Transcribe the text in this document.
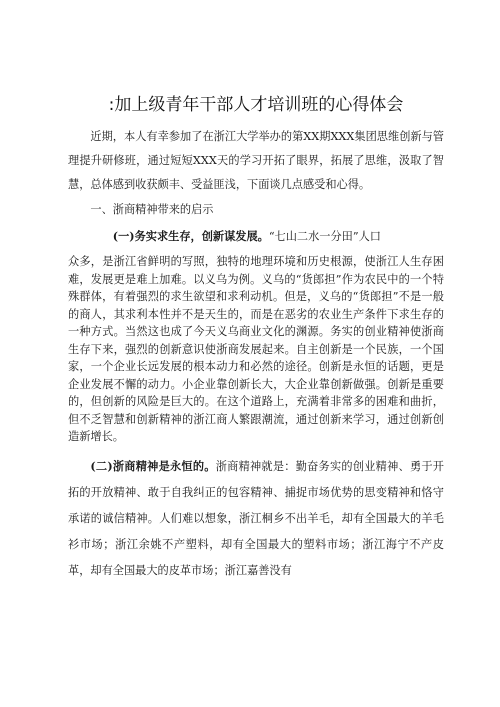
:加上级青年干部人才培训班的心得体会

近期，本人有幸参加了在浙江大学举办的第XX期XXX集团思维创新与管理提升研修班，通过短短XXX天的学习开拓了眼界，拓展了思维，汲取了智慧，总体感到收获颇丰、受益匪浅，下面谈几点感受和心得。

一、浙商精神带来的启示
(一)务实求生存，创新谋发展。“七山二水一分田”人口

众多，是浙江省鲜明的写照，独特的地理环境和历史根源，使浙江人生存困难，发展更是难上加难。以义乌为例。义乌的“货郎担”作为农民中的一个特殊群体，有着强烈的求生欲望和求利动机。但是，义乌的“货郎担”不是一般的商人，其求利本性并不是天生的，而是在恶劣的农业生产条件下求生存的一种方式。当然这也成了今天义乌商业文化的渊源。务实的创业精神使浙商生存下来，强烈的创新意识使浙商发展起来。自主创新是一个民族，一个国家，一个企业长远发展的根本动力和必然的途径。创新是永恒的话题，更是企业发展不懈的动力。小企业靠创新长大，大企业靠创新做强。创新是重要的，但创新的风险是巨大的。在这个道路上，充满着非常多的困难和曲折，但不乏智慧和创新精神的浙江商人繁跟潮流，通过创新来学习，通过创新创造新增长。

(二)浙商精神是永恒的。浙商精神就是：勤奋务实的创业精神、勇于开拓的开放精神、敢于自我纠正的包容精神、捕捉市场优势的思变精神和恪守承诺的诚信精神。人们难以想象，浙江桐乡不出羊毛，却有全国最大的羊毛衫市场；浙江余姚不产塑料，却有全国最大的塑料市场；浙江海宁不产皮革，却有全国最大的皮革市场；浙江嘉善没有
